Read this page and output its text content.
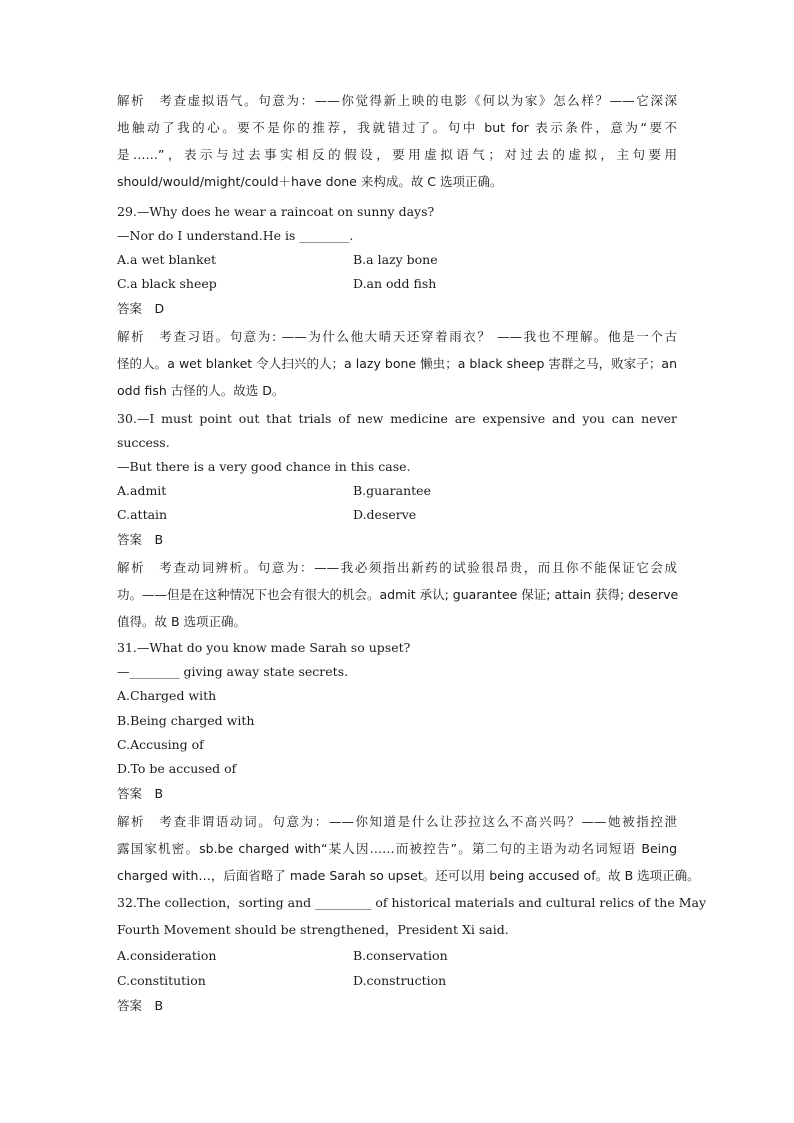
解析　考查虚拟语气。句意为：——你觉得新上映的电影《何以为家》怎么样？——它深深
地触动了我的心。要不是你的推荐，我就错过了。句中 but for 表示条件，意为“要不
是……”，表示与过去事实相反的假设，要用虚拟语气；对过去的虚拟，主句要用
should/would/might/could＋have done 来构成。故 C 选项正确。
29.—Why does he wear a raincoat on sunny days?
—Nor do I understand.He is ________.
A.a wet blanket	B.a lazy bone
C.a black sheep	D.an odd fish
答案　D
解析　考查习语。句意为: ——为什么他大晴天还穿着雨衣？ ——我也不理解。他是一个古
怪的人。a wet blanket 令人扫兴的人；a lazy bone 懒虫；a black sheep 害群之马，败家子；an
odd fish 古怪的人。故选 D。
30.—I must point out that trials of new medicine are expensive and you can never
success.
—But there is a very good chance in this case.
A.admit	B.guarantee
C.attain	D.deserve
答案　B
解析　考查动词辨析。句意为：——我必须指出新药的试验很昂贵，而且你不能保证它会成
功。——但是在这种情况下也会有很大的机会。admit 承认; guarantee 保证; attain 获得; deserve
值得。故 B 选项正确。
31.—What do you know made Sarah so upset?
—________ giving away state secrets.
A.Charged with
B.Being charged with
C.Accusing of
D.To be accused of
答案　B
解析　考查非谓语动词。句意为：——你知道是什么让莎拉这么不高兴吗？——她被指控泄
露国家机密。sb.be charged with“某人因……而被控告”。第二句的主语为动名词短语 Being
charged with…，后面省略了 made Sarah so upset。还可以用 being accused of。故 B 选项正确。
32.The collection，sorting and _________ of historical materials and cultural relics of the May
Fourth Movement should be strengthened，President Xi said.
A.consideration	B.conservation
C.constitution	D.construction
答案　B
